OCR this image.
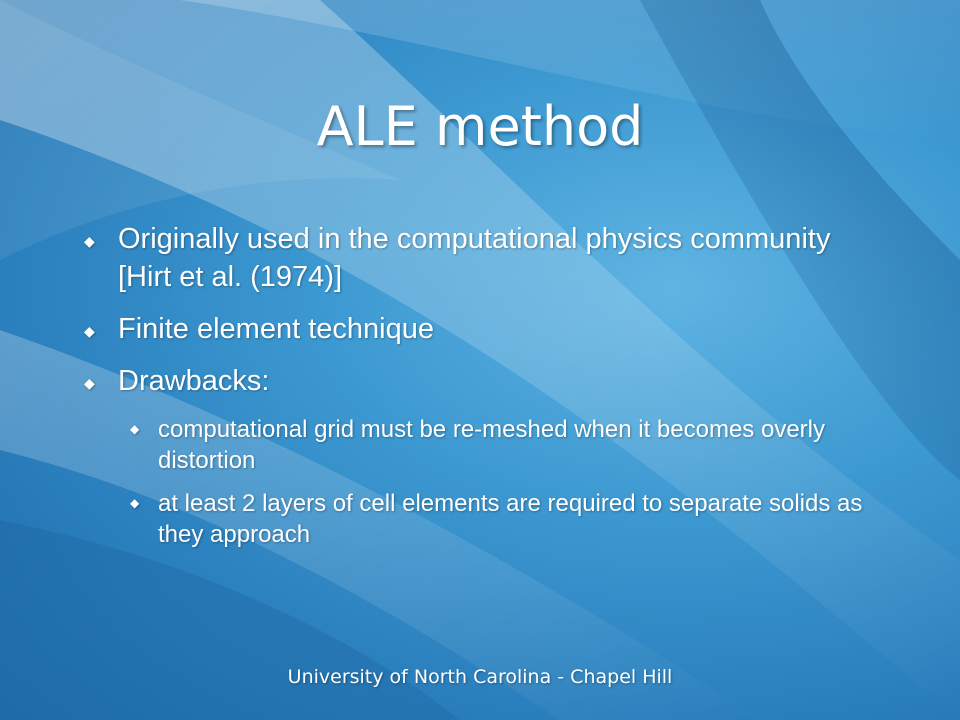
ALE method
◆ Originally used in the computational physics community [Hirt et al. (1974)]
◆ Finite element technique
◆ Drawbacks:
◆ computational grid must be re-meshed when it becomes overly distortion
◆ at least 2 layers of cell elements are required to separate solids as they approach
University of North Carolina - Chapel Hill
